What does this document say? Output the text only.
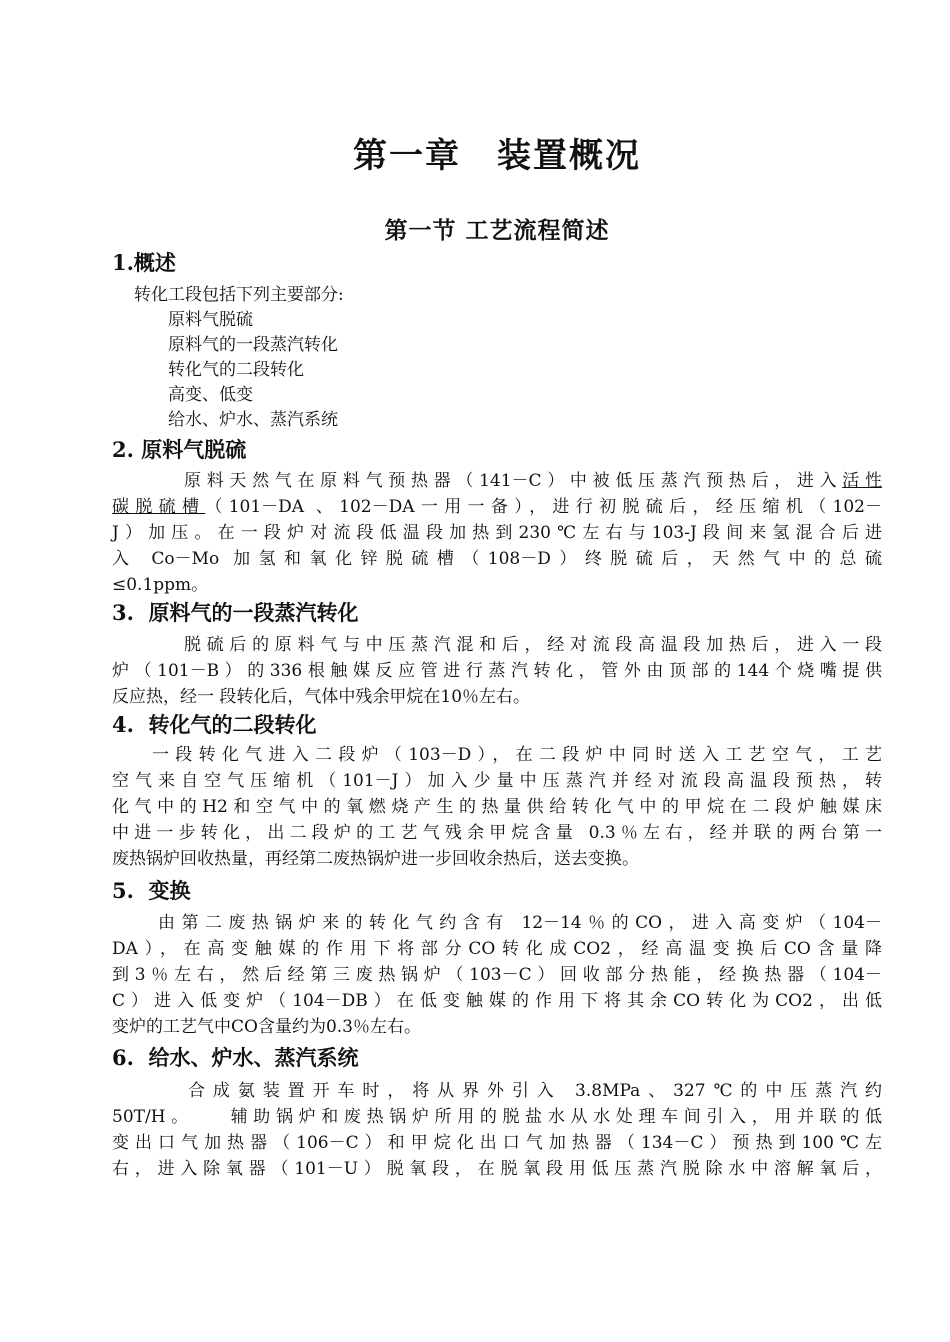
第一章　装置概况
第一节 工艺流程简述
1.概述
转化工段包括下列主要部分:
原料气脱硫
原料气的一段蒸汽转化
转化气的二段转化
高变、低变
给水、炉水、蒸汽系统
2. 原料气脱硫
原料天然气在原料气预热器（141－C）中被低压蒸汽预热后，进入活性
碳脱硫槽（101－DA 、102－DA一用一备），进行初脱硫后，经压缩机（102－
J）加压。在一段炉对流段低温段加热到230℃左右与103-J段间来氢混合后进
入 Co－Mo 加氢和氧化锌脱硫槽（108－D）终脱硫后，天然气中的总硫
≤0.1ppm。
3.  原料气的一段蒸汽转化
脱硫后的原料气与中压蒸汽混和后，经对流段高温段加热后，进入一段
炉（101－B）的336根触媒反应管进行蒸汽转化，管外由顶部的144个烧嘴提供
反应热，经一 段转化后，气体中残余甲烷在10％左右。
4.  转化气的二段转化
一段转化气进入二段炉（103－D），在二段炉中同时送入工艺空气，工艺
空气来自空气压缩机（101－J）加入少量中压蒸汽并经对流段高温段预热，转
化气中的H2和空气中的氧燃烧产生的热量供给转化气中的甲烷在二段炉触媒床
中进一步转化，出二段炉的工艺气残余甲烷含量 0.3％左右，经并联的两台第一
废热锅炉回收热量，再经第二废热锅炉进一步回收余热后，送去变换。
5.  变换
由第二废热锅炉来的转化气约含有 12－14％的CO，进入高变炉（104－
DA），在高变触媒的作用下将部分CO转化成CO2，经高温变换后CO含量降
到3％左右，然后经第三废热锅炉（103－C）回收部分热能，经换热器（104－
C）进入低变炉（104－DB）在低变触媒的作用下将其余CO转化为CO2，出低
变炉的工艺气中CO含量约为0.3％左右。
6.  给水、炉水、蒸汽系统
合成氨装置开车时，将从界外引入 3.8MPa、327℃的中压蒸汽约
50T/H。　　辅助锅炉和废热锅炉所用的脱盐水从水处理车间引入，用并联的低
变出口气加热器（106－C）和甲烷化出口气加热器（134－C）预热到100℃左
右，进入除氧器（101－U）脱氧段，在脱氧段用低压蒸汽脱除水中溶解氧后，
